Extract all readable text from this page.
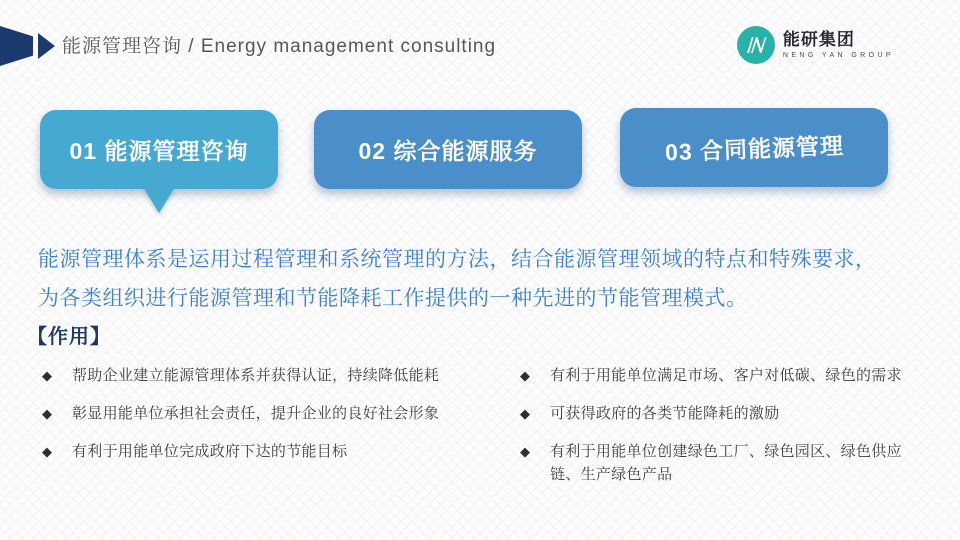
能源管理咨询 / Energy management consulting	能研集团
NENG YAN GROUP
01 能源管理咨询	02 综合能源服务	03 合同能源管理
能源管理体系是运用过程管理和系统管理的方法，结合能源管理领域的特点和特殊要求，
为各类组织进行能源管理和节能降耗工作提供的一种先进的节能管理模式。
【作用】
◆	帮助企业建立能源管理体系并获得认证，持续降低能耗
◆	彰显用能单位承担社会责任，提升企业的良好社会形象
◆	有利于用能单位完成政府下达的节能目标
◆	有利于用能单位满足市场、客户对低碳、绿色的需求
◆	可获得政府的各类节能降耗的激励
◆	有利于用能单位创建绿色工厂、绿色园区、绿色供应链、生产绿色产品
